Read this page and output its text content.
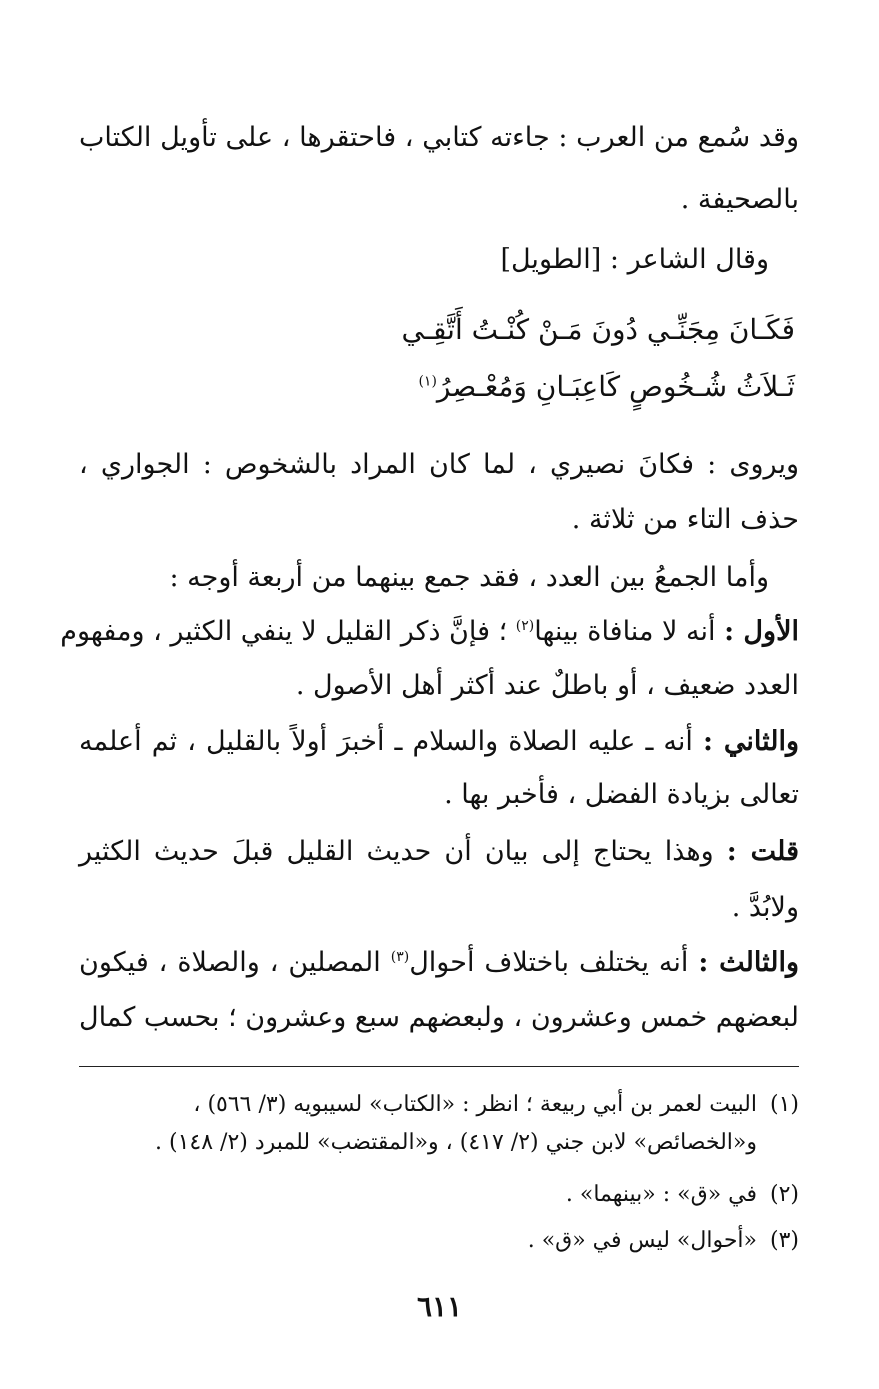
وقد سُمع من العرب : جاءته كتابي ، فاحتقرها ، على تأويل الكتاب
بالصحيفة .
وقال الشاعر : [الطويل]
فَكَـانَ مِجَنِّـي دُونَ مَـنْ كُنْـتُ أَتَّقِـي
ثَـلاَثُ شُـخُوصٍ كَاعِبَـانِ وَمُعْـصِرُ$^{(١)}$
ويروى : فكانَ نصيري ، لما كان المراد بالشخوص : الجواري ،
حذف التاء من ثلاثة .
وأما الجمعُ بين العدد ، فقد جمع بينهما من أربعة أوجه :
الأول : أنه لا منافاة بينها$^{(٢)}$ ؛ فإنَّ ذكر القليل لا ينفي الكثير ، ومفهوم
العدد ضعيف ، أو باطلٌ عند أكثر أهل الأصول .
والثاني : أنه ـ عليه الصلاة والسلام ـ أخبرَ أولاً بالقليل ، ثم أعلمه
تعالى بزيادة الفضل ، فأخبر بها .
قلت : وهذا يحتاج إلى بيان أن حديث القليل قبلَ حديث الكثير
ولابُدَّ .
والثالث : أنه يختلف باختلاف أحوال$^{(٣)}$ المصلين ، والصلاة ، فيكون
لبعضهم خمس وعشرون ، ولبعضهم سبع وعشرون ؛ بحسب كمال
(١)البيت لعمر بن أبي ربيعة ؛ انظر : «الكتاب» لسيبويه (٣/ ٥٦٦) ،
و«الخصائص» لابن جني (٢/ ٤١٧) ، و«المقتضب» للمبرد (٢/ ١٤٨) .
(٢)في «ق» : «بينهما» .
(٣)«أحوال» ليس في «ق» .
٦١١
